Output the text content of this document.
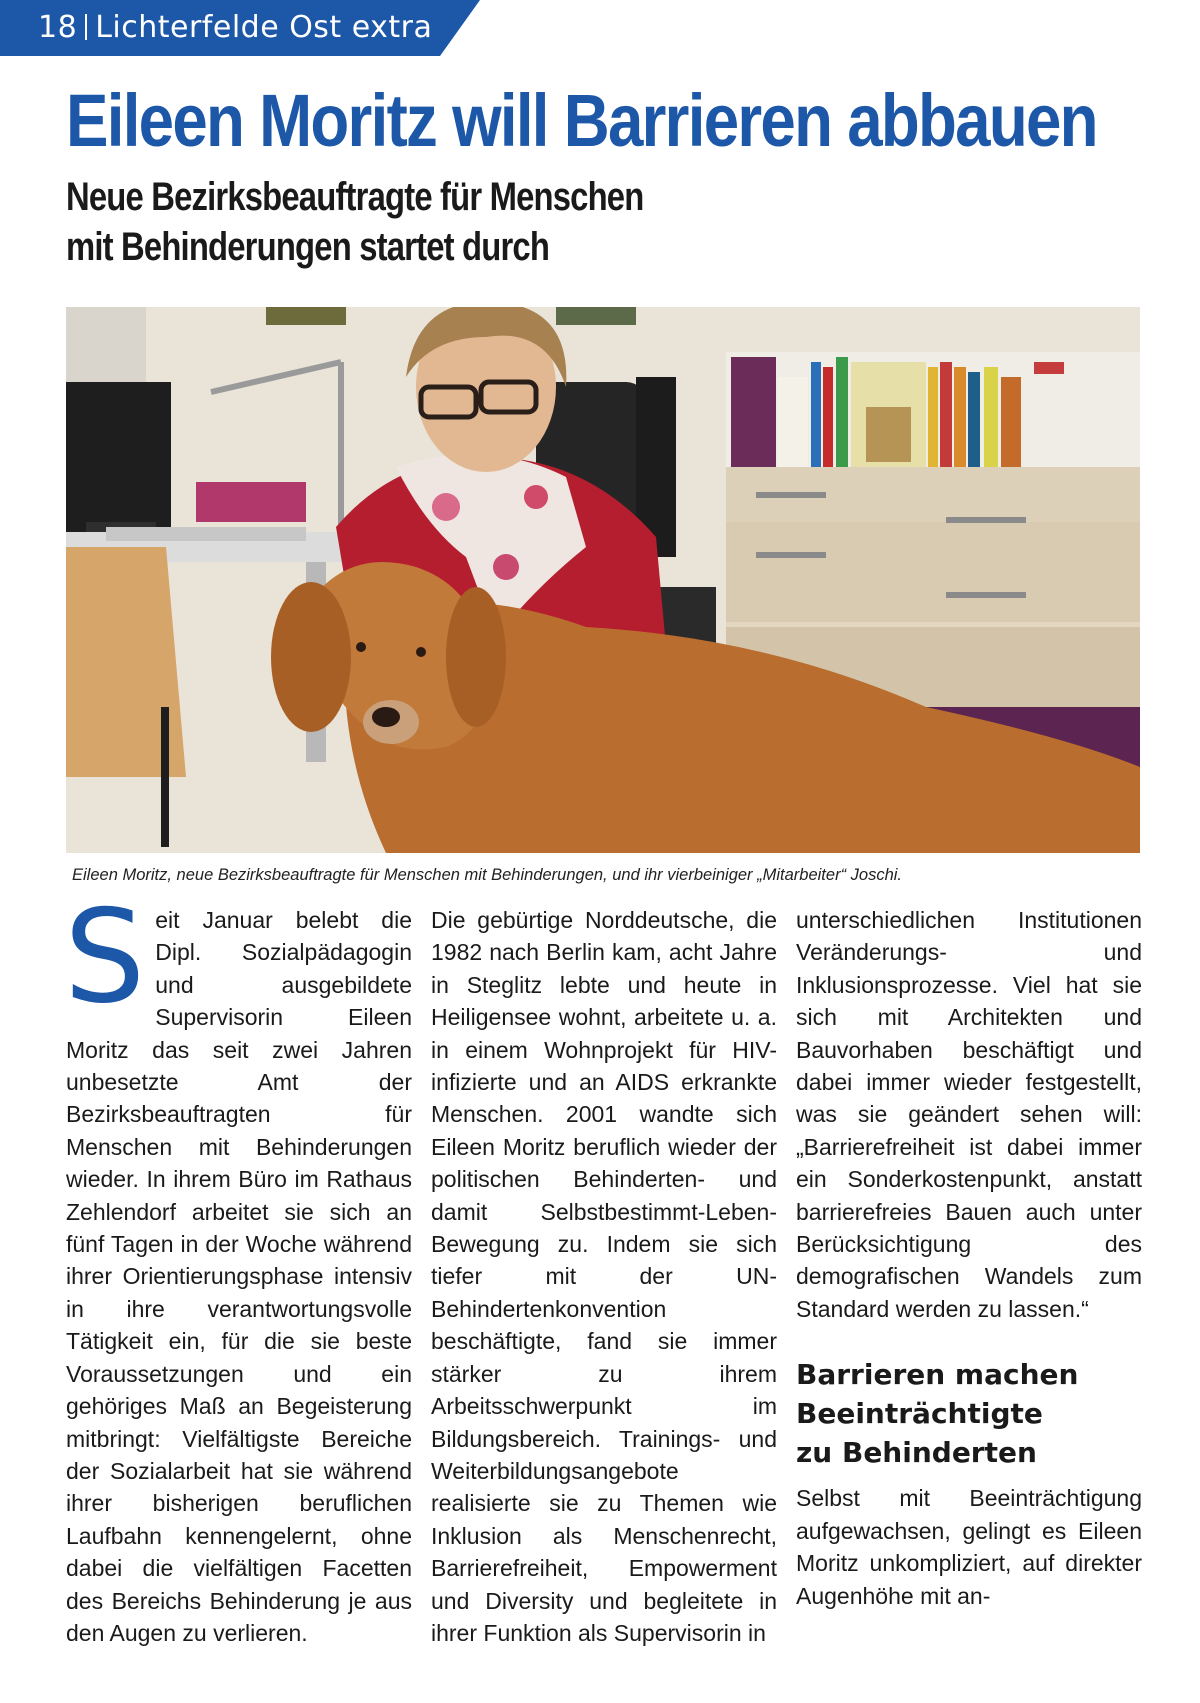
18 Lichterfelde Ost extra
Eileen Moritz will Barrieren abbauen
Neue Bezirksbeauftragte für Menschen
mit Behinderungen startet durch
Eileen Moritz, neue Bezirksbeauftragte für Menschen mit Behinderungen, und ihr vierbeiniger „Mitarbeiter“ Joschi.
S eit Januar belebt die Dipl. Sozialpädagogin und ausgebildete Supervisorin Eileen Moritz das seit zwei Jahren unbesetzte Amt der Bezirksbeauftragten für Menschen mit Behinderungen wieder. In ihrem Büro im Rathaus Zehlendorf arbeitet sie sich an fünf Tagen in der Woche während ihrer Orientierungsphase intensiv in ihre verantwortungsvolle Tätigkeit ein, für die sie beste Voraussetzungen und ein gehöriges Maß an Begeisterung mitbringt: Vielfältigste Bereiche der Sozialarbeit hat sie während ihrer bisherigen beruflichen Laufbahn kennengelernt, ohne dabei die vielfältigen Facetten des Bereichs Behinderung je aus den Augen zu verlieren.

Die gebürtige Norddeutsche, die 1982 nach Berlin kam, acht Jahre in Steglitz lebte und heute in Heiligensee wohnt, arbeitete u. a. in einem Wohnprojekt für HIV-infizierte und an AIDS erkrankte Menschen. 2001 wandte sich Eileen Moritz beruflich wieder der politischen Behinderten- und damit Selbstbestimmt-Leben-Bewegung zu. Indem sie sich tiefer mit der UN-Behindertenkonvention beschäftigte, fand sie immer stärker zu ihrem Arbeitsschwerpunkt im Bildungsbereich. Trainings- und Weiterbildungsangebote realisierte sie zu Themen wie Inklusion als Menschenrecht, Barrierefreiheit, Empowerment und Diversity und begleitete in ihrer Funktion als Supervisorin in

unterschiedlichen Institutionen Veränderungs- und Inklusionsprozesse. Viel hat sie sich mit Architekten und Bauvorhaben beschäftigt und dabei immer wieder festgestellt, was sie geändert sehen will: „Barrierefreiheit ist dabei immer ein Sonderkostenpunkt, anstatt barrierefreies Bauen auch unter Berücksichtigung des demografischen Wandels zum Standard werden zu lassen.“

Barrieren machen
Beeinträchtigte
zu Behinderten

Selbst mit Beeinträchtigung aufgewachsen, gelingt es Eileen Moritz unkompliziert, auf direkter Augenhöhe mit an-
